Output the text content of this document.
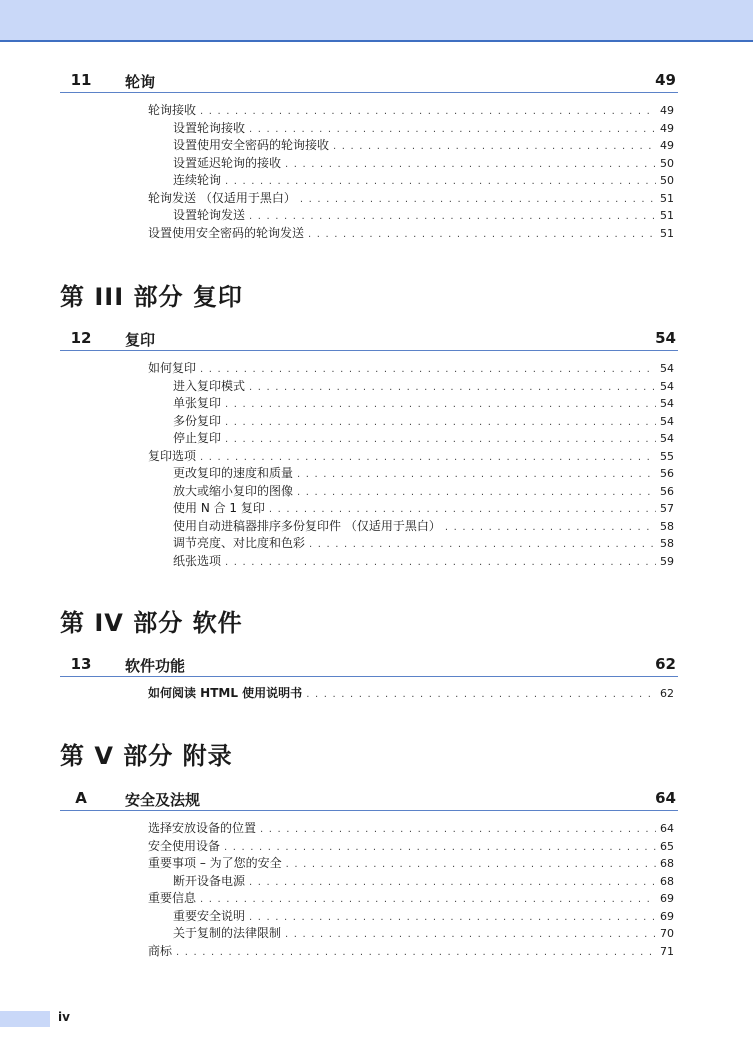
11	轮询	49
轮询接收 . . .	49
设置轮询接收 . . .	49
设置使用安全密码的轮询接收 . . .	49
设置延迟轮询的接收 . . .	50
连续轮询 . . .	50
轮询发送 （仅适用于黑白） . . .	51
设置轮询发送 . . .	51
设置使用安全密码的轮询发送 . . .	51
第 III 部分 复印
12	复印	54
如何复印 . . .	54
进入复印模式 . . .	54
单张复印 . . .	54
多份复印 . . .	54
停止复印 . . .	54
复印选项 . . .	55
更改复印的速度和质量 . . .	56
放大或缩小复印的图像 . . .	56
使用 N 合 1 复印 . . .	57
使用自动进稿器排序多份复印件 （仅适用于黑白） . . .	58
调节亮度、对比度和色彩 . . .	58
纸张选项 . . .	59
第 IV 部分 软件
13	软件功能	62
如何阅读 HTML 使用说明书 . . .	62
第 V 部分 附录
A	安全及法规	64
选择安放设备的位置 . . .	64
安全使用设备 . . .	65
重要事项 – 为了您的安全 . . .	68
断开设备电源 . . .	68
重要信息 . . .	69
重要安全说明 . . .	69
关于复制的法律限制 . . .	70
商标 . . .	71
iv
